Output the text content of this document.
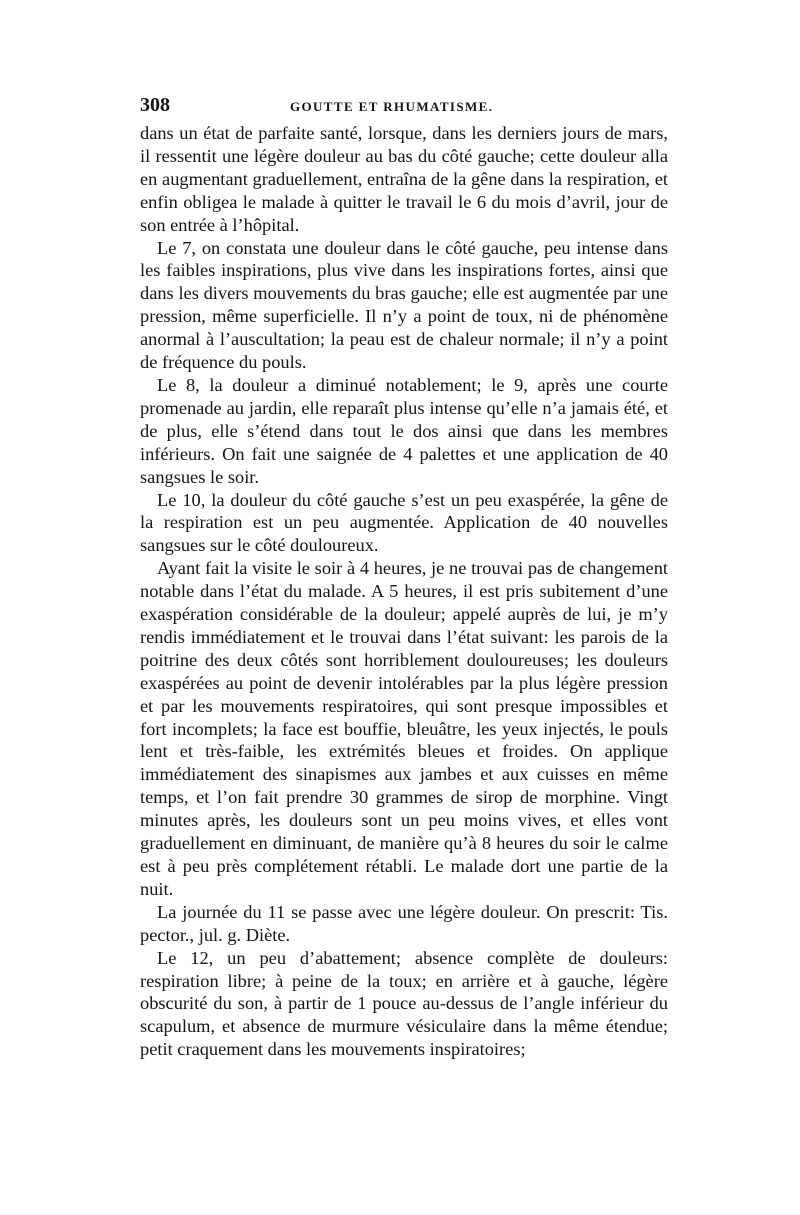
308	GOUTTE ET RHUMATISME.

dans un état de parfaite santé, lorsque, dans les derniers jours de mars, il ressentit une légère douleur au bas du côté gauche; cette douleur alla en augmentant graduellement, entraîna de la gêne dans la respiration, et enfin obligea le malade à quitter le travail le 6 du mois d’avril, jour de son entrée à l’hôpital.

Le 7, on constata une douleur dans le côté gauche, peu intense dans les faibles inspirations, plus vive dans les inspirations fortes, ainsi que dans les divers mouvements du bras gauche; elle est augmentée par une pression, même superficielle. Il n’y a point de toux, ni de phénomène anormal à l’auscultation; la peau est de chaleur normale; il n’y a point de fréquence du pouls.

Le 8, la douleur a diminué notablement; le 9, après une courte promenade au jardin, elle reparaît plus intense qu’elle n’a jamais été, et de plus, elle s’étend dans tout le dos ainsi que dans les membres inférieurs. On fait une saignée de 4 palettes et une application de 40 sangsues le soir.

Le 10, la douleur du côté gauche s’est un peu exaspérée, la gêne de la respiration est un peu augmentée. Application de 40 nouvelles sangsues sur le côté douloureux.

Ayant fait la visite le soir à 4 heures, je ne trouvai pas de changement notable dans l’état du malade. A 5 heures, il est pris subitement d’une exaspération considérable de la douleur; appelé auprès de lui, je m’y rendis immédiatement et le trouvai dans l’état suivant: les parois de la poitrine des deux côtés sont horriblement douloureuses; les douleurs exaspérées au point de devenir intolérables par la plus légère pression et par les mouvements respiratoires, qui sont presque impossibles et fort incomplets; la face est bouffie, bleuâtre, les yeux injectés, le pouls lent et très-faible, les extrémités bleues et froides. On applique immédiatement des sinapismes aux jambes et aux cuisses en même temps, et l’on fait prendre 30 grammes de sirop de morphine. Vingt minutes après, les douleurs sont un peu moins vives, et elles vont graduellement en diminuant, de manière qu’à 8 heures du soir le calme est à peu près complétement rétabli. Le malade dort une partie de la nuit.

La journée du 11 se passe avec une légère douleur. On prescrit: Tis. pector., jul. g. Diète.

Le 12, un peu d’abattement; absence complète de douleurs: respiration libre; à peine de la toux; en arrière et à gauche, légère obscurité du son, à partir de 1 pouce au-dessus de l’angle inférieur du scapulum, et absence de murmure vésiculaire dans la même étendue; petit craquement dans les mouvements inspiratoires;
